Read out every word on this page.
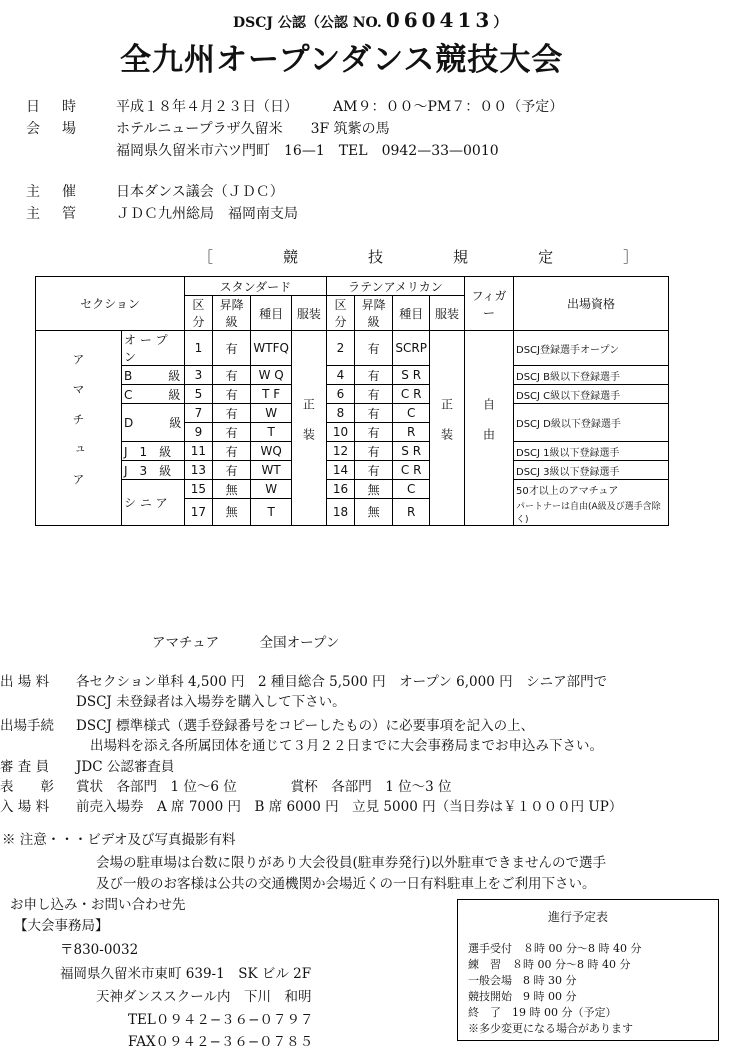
DSCJ 公認（公認 NO. 060413）
全九州オープンダンス競技大会
日時 平成１８年４月２３日（日）　　　AM９：００〜PM７：００（予定）
会場 ホテルニュープラザ久留米　　3F 筑紫の馬
福岡県久留米市六ツ門町　16—1　TEL　0942—33—0010
主催 日本ダンス議会（ＪＤＣ）
主管 ＪＤＣ九州総局　福岡南支局
［	競	技	規	定	］
セクション		スタンダード				ラテンアメリカン				フィガー	出場資格
		区分	昇降級	種目	服装	区分	昇降級	種目	服装		
アマチュア	オ ー プ ン	1	有	WTFQ	正装	2	有	SCRP	正装	自由	DSCJ登録選手オープン
	B　　　級	3	有	W Q		4	有	S R			DSCJ B級以下登録選手
	C　　　級	5	有	T F		6	有	C R			DSCJ C級以下登録選手
	D　　　級	7	有	W		8	有	C			DSCJ D級以下登録選手
		9	有	T		10	有	R			
	J　1　級	11	有	WQ		12	有	S R			DSCJ 1級以下登録選手
	J　3　級	13	有	WT		14	有	C R			DSCJ 3級以下登録選手
	シ ニ ア	15	無	W		16	無	C			50才以上のアマチュア
		17	無	T		18	無	R			パートナーは自由(A級及び選手含除く)
アマチュア　　　全国オープン
出 場 料 各セクション単科 4,500 円　2 種目総合 5,500 円　オープン 6,000 円　シニア部門で
DSCJ 未登録者は入場券を購入して下さい。
出場手続 DSCJ 標準様式（選手登録番号をコピーしたもの）に必要事項を記入の上、
出場料を添え各所属団体を通じて３月２２日までに大会事務局までお申込み下さい。
審 査 員 JDC 公認審査員
表　　彰 賞状　各部門　1 位〜6 位　　　　賞杯　各部門　1 位〜3 位
入 場 料 前売入場券　A 席 7000 円　B 席 6000 円　立見 5000 円（当日券は￥１０００円 UP）
※ 注意・・・ビデオ及び写真撮影有料
会場の駐車場は台数に限りがあり大会役員(駐車券発行)以外駐車できませんので選手
及び一般のお客様は公共の交通機関か会場近くの一日有料駐車上をご利用下さい。
お申し込み・お問い合わせ先
【大会事務局】
〒830-0032
福岡県久留米市東町 639-1　SK ビル 2F
天神ダンススクール内　下川　和明
TEL０９４２−３６−０７９７
FAX０９４２−３６−０７８５
進行予定表
選手受付　８時 00 分〜8 時 40 分
練　習　８時 00 分〜8 時 40 分
一般会場　8 時 30 分
競技開始　9 時 00 分
終　了　19 時 00 分（予定）
※多少変更になる場合があります
